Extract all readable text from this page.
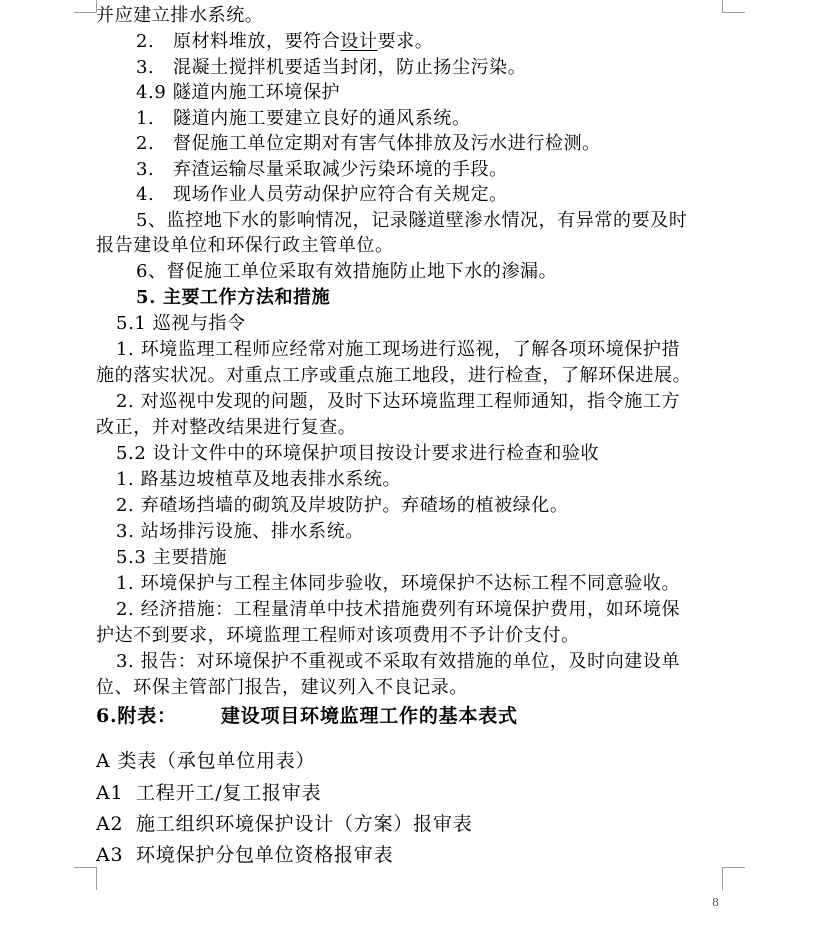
并应建立排水系统。
2.　原材料堆放，要符合设计要求。
3.　混凝土搅拌机要适当封闭，防止扬尘污染。
4.9 隧道内施工环境保护
1.　隧道内施工要建立良好的通风系统。
2.　督促施工单位定期对有害气体排放及污水进行检测。
3.　弃渣运输尽量采取减少污染环境的手段。
4.　现场作业人员劳动保护应符合有关规定。
5、监控地下水的影响情况，记录隧道壁渗水情况，有异常的要及时
报告建设单位和环保行政主管单位。
6、督促施工单位采取有效措施防止地下水的渗漏。
5. 主要工作方法和措施
5.1 巡视与指令
1. 环境监理工程师应经常对施工现场进行巡视，了解各项环境保护措
施的落实状况。对重点工序或重点施工地段，进行检查，了解环保进展。
2. 对巡视中发现的问题，及时下达环境监理工程师通知，指令施工方
改正，并对整改结果进行复查。
5.2 设计文件中的环境保护项目按设计要求进行检查和验收
1. 路基边坡植草及地表排水系统。
2. 弃碴场挡墙的砌筑及岸坡防护。弃碴场的植被绿化。
3. 站场排污设施、排水系统。
5.3 主要措施
1. 环境保护与工程主体同步验收，环境保护不达标工程不同意验收。
2. 经济措施：工程量清单中技术措施费列有环境保护费用，如环境保
护达不到要求，环境监理工程师对该项费用不予计价支付。
3. 报告：对环境保护不重视或不采取有效措施的单位，及时向建设单
位、环保主管部门报告，建议列入不良记录。
6.附表： 建设项目环境监理工作的基本表式
A 类表（承包单位用表）
A1 工程开工/复工报审表
A2 施工组织环境保护设计（方案）报审表
A3 环境保护分包单位资格报审表
8
